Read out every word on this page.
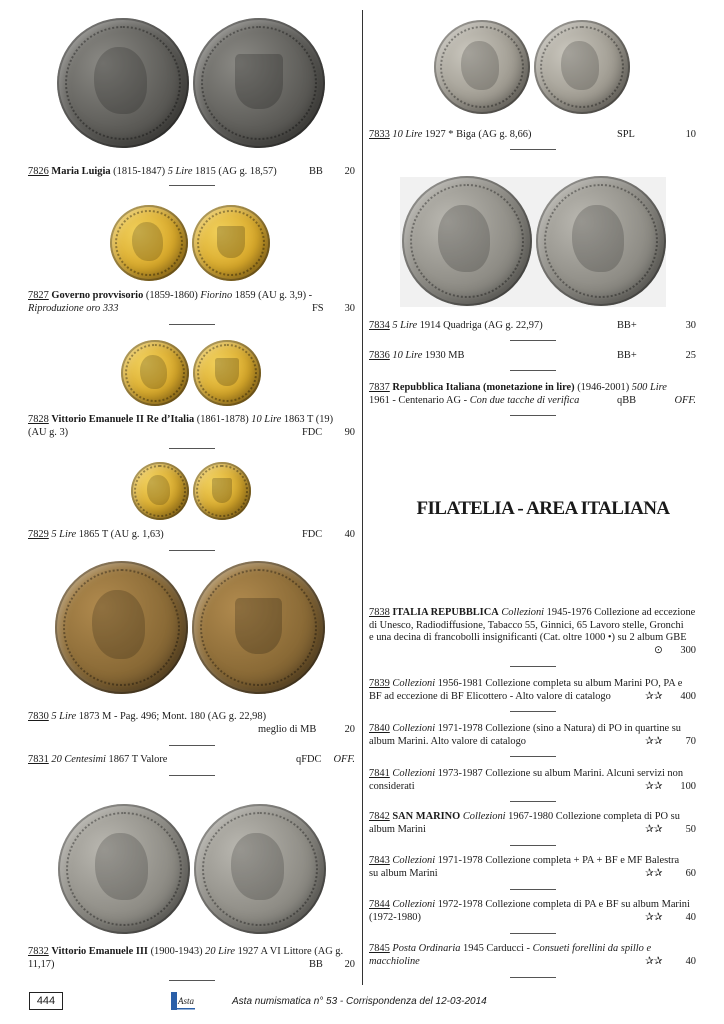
7826 Maria Luigia (1815-1847) 5 Lire 1815 (AG g. 18,57)	BB 20
7827 Governo provvisorio (1859-1860) Fiorino 1859 (AU g. 3,9) -
Riproduzione oro 333	FS 30
7828 Vittorio Emanuele II Re d’Italia (1861-1878) 10 Lire 1863 T (19)
(AU g. 3)	FDC 90
7829 5 Lire 1865 T (AU g. 1,63)	FDC 40
7830 5 Lire 1873 M - Pag. 496; Mont. 180 (AG g. 22,98)
meglio di MB	20
7831 20 Centesimi 1867 T Valore	qFDC OFF.
7832 Vittorio Emanuele III (1900-1943) 20 Lire 1927 A VI Littore (AG g.
11,17)	BB 20
7833 10 Lire 1927 * Biga (AG g. 8,66)	SPL	10
7834 5 Lire 1914 Quadriga (AG g. 22,97)	BB+	30
7836 10 Lire 1930 MB	BB+	25
7837 Repubblica Italiana (monetazione in lire) (1946-2001) 500 Lire
1961 - Centenario AG - Con due tacche di verifica	qBB	OFF.
FILATELIA - AREA ITALIANA
7838 ITALIA REPUBBLICA Collezioni 1945-1976 Collezione ad eccezione
di Unesco, Radiodiffusione, Tabacco 55, Ginnici, 65 Lavoro stelle, Gronchi
e una decina di francobolli insignificanti (Cat. oltre 1000 •) su 2 album GBE
⊙ 300
7839 Collezioni 1956-1981 Collezione completa su album Marini PO, PA e
BF ad eccezione di BF Elicottero - Alto valore di catalogo	✰✰ 400
7840 Collezioni 1971-1978 Collezione (sino a Natura) di PO in quartine su
album Marini. Alto valore di catalogo	✰✰ 70
7841 Collezioni 1973-1987 Collezione su album Marini. Alcuni servizi non
considerati	✰✰ 100
7842 SAN MARINO Collezioni 1967-1980 Collezione completa di PO su
album Marini	✰✰ 50
7843 Collezioni 1971-1978 Collezione completa + PA + BF e MF Balestra
su album Marini	✰✰ 60
7844 Collezioni 1972-1978 Collezione completa di PA e BF su album Marini
(1972-1980)	✰✰ 40
7845 Posta Ordinaria 1945 Carducci - Consueti forellini da spillo e
macchioline	✰✰ 40
444	Asta	Asta numismatica n° 53 - Corrispondenza del 12-03-2014
